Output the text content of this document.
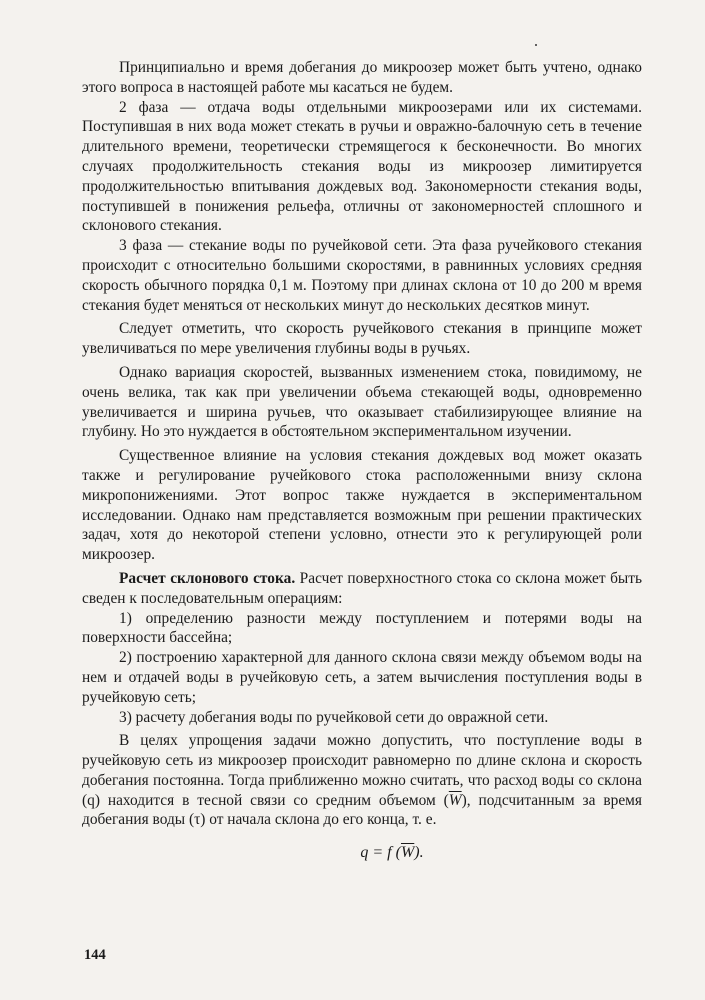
Принципиально и время добегания до микроозер может быть учтено, однако этого вопроса в настоящей работе мы касаться не будем.

2 фаза — отдача воды отдельными микроозерами или их системами. Поступившая в них вода может стекать в ручьи и овражно-балочную сеть в течение длительного времени, теоретически стремящегося к бесконечности. Во многих случаях продолжительность стекания воды из микроозер лимитируется продолжительностью впитывания дождевых вод. Закономерности стекания воды, поступившей в понижения рельефа, отличны от закономерностей сплошного и склонового стекания.

3 фаза — стекание воды по ручейковой сети. Эта фаза ручейкового стекания происходит с относительно большими скоростями, в равнинных условиях средняя скорость обычного порядка 0,1 м. Поэтому при длинах склона от 10 до 200 м время стекания будет меняться от нескольких минут до нескольких десятков минут.

Следует отметить, что скорость ручейкового стекания в принципе может увеличиваться по мере увеличения глубины воды в ручьях.

Однако вариация скоростей, вызванных изменением стока, повидимому, не очень велика, так как при увеличении объема стекающей воды, одновременно увеличивается и ширина ручьев, что оказывает стабилизирующее влияние на глубину. Но это нуждается в обстоятельном экспериментальном изучении.

Существенное влияние на условия стекания дождевых вод может оказать также и регулирование ручейкового стока расположенными внизу склона микропонижениями. Этот вопрос также нуждается в экспериментальном исследовании. Однако нам представляется возможным при решении практических задач, хотя до некоторой степени условно, отнести это к регулирующей роли микроозер.

Расчет склонового стока. Расчет поверхностного стока со склона может быть сведен к последовательным операциям:

1) определению разности между поступлением и потерями воды на поверхности бассейна;

2) построению характерной для данного склона связи между объемом воды на нем и отдачей воды в ручейковую сеть, а затем вычисления поступления воды в ручейковую сеть;

3) расчету добегания воды по ручейковой сети до овражной сети.

В целях упрощения задачи можно допустить, что поступление воды в ручейковую сеть из микроозер происходит равномерно по длине склона и скорость добегания постоянна. Тогда приближенно можно считать, что расход воды со склона (q) находится в тесной связи со средним объемом $(\overline{W})$, подсчитанным за время добегания воды (τ) от начала склона до его конца, т. е.

q = f $(\overline{W})$.
144
